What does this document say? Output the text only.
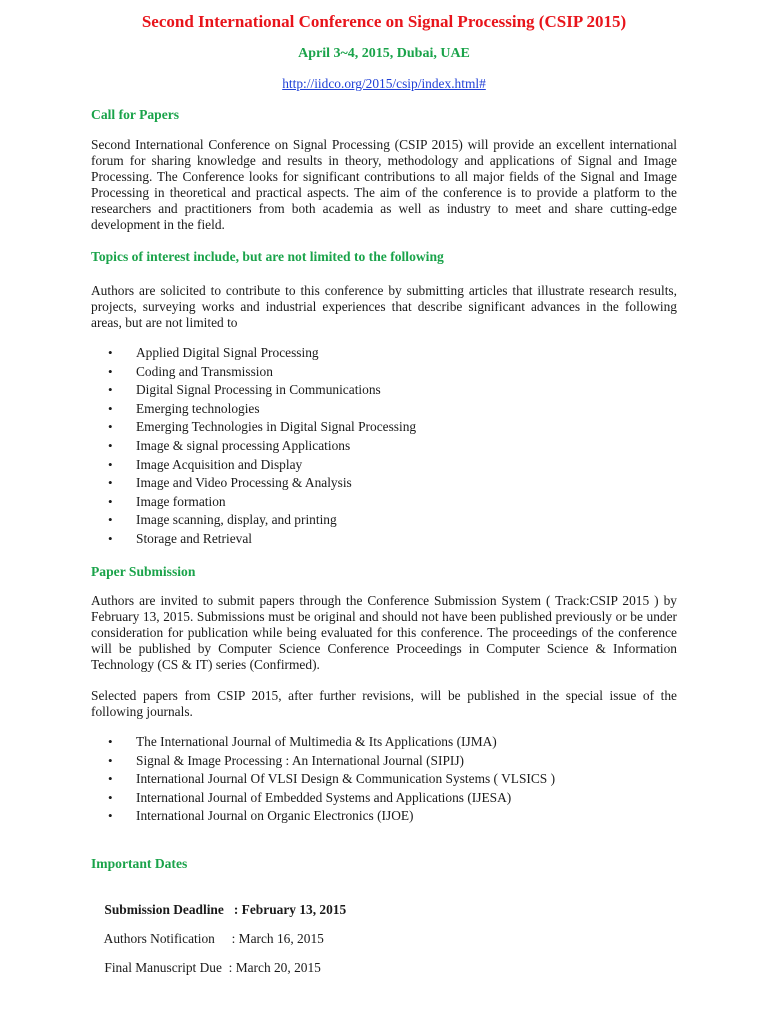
Second International Conference on Signal Processing (CSIP 2015)
April 3~4, 2015, Dubai, UAE
http://iidco.org/2015/csip/index.html#
Call for Papers
Second International Conference on Signal Processing (CSIP 2015) will provide an excellent international forum for sharing knowledge and results in theory, methodology and applications of Signal and Image Processing. The Conference looks for significant contributions to all major fields of the Signal and Image Processing in theoretical and practical aspects. The aim of the conference is to provide a platform to the researchers and practitioners from both academia as well as industry to meet and share cutting-edge development in the field.
Topics of interest include, but are not limited to the following
Authors are solicited to contribute to this conference by submitting articles that illustrate research results, projects, surveying works and industrial experiences that describe significant advances in the following areas, but are not limited to
• Applied Digital Signal Processing
• Coding and Transmission
• Digital Signal Processing in Communications
• Emerging technologies
• Emerging Technologies in Digital Signal Processing
• Image & signal processing Applications
• Image Acquisition and Display
• Image and Video Processing & Analysis
• Image formation
• Image scanning, display, and printing
• Storage and Retrieval
Paper Submission
Authors are invited to submit papers through the Conference Submission System ( Track:CSIP 2015 ) by February 13, 2015. Submissions must be original and should not have been published previously or be under consideration for publication while being evaluated for this conference. The proceedings of the conference will be published by Computer Science Conference Proceedings in Computer Science & Information Technology (CS & IT) series (Confirmed).
Selected papers from CSIP 2015, after further revisions, will be published in the special issue of the following journals.
• The International Journal of Multimedia & Its Applications (IJMA)
• Signal & Image Processing : An International Journal (SIPIJ)
• International Journal Of VLSI Design & Communication Systems ( VLSICS )
• International Journal of Embedded Systems and Applications (IJESA)
• International Journal on Organic Electronics (IJOE)
Important Dates

Submission Deadline : February 13, 2015

Authors Notification : March 16, 2015

Final Manuscript Due : March 20, 2015
